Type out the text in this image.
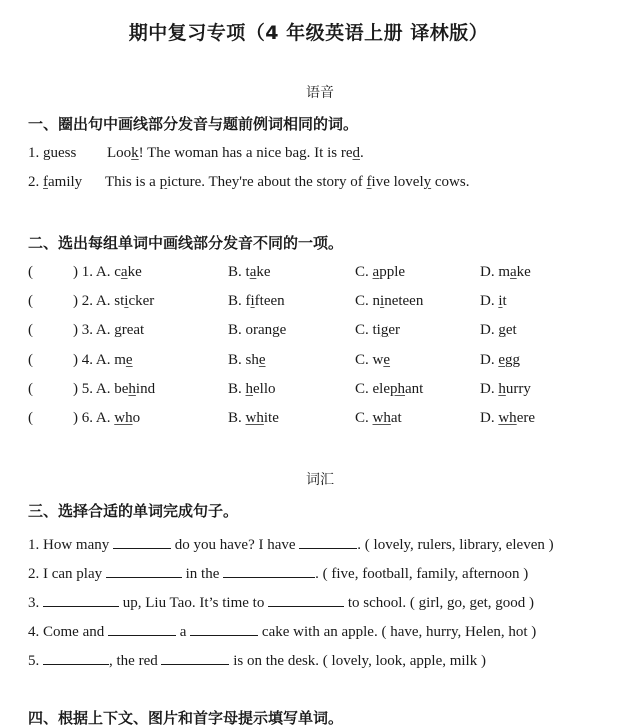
期中复习专项（4 年级英语上册 译林版）
语音
一、圈出句中画线部分发音与题前例词相同的词。
1. guess Look! The woman has a nice bag. It is red.
2. family This is a picture. They're about the story of five lovely cows.
二、选出每组单词中画线部分发音不同的一项。
(	) 1. A. cake	B. take	C. apple	D. make
(	) 2. A. sticker	B. fifteen	C. nineteen	D. it
(	) 3. A. great	B. orange	C. tiger	D. get
(	) 4. A. me	B. she	C. we	D. egg
(	) 5. A. behind	B. hello	C. elephant	D. hurry
(	) 6. A. who	B. white	C. what	D. where
词汇
三、选择合适的单词完成句子。
1. How many	do you have? I have	. ( lovely, rulers, library, eleven )
2. I can play	in the	. ( five, football, family, afternoon )
3.	up, Liu Tao. It’s time to	to school. ( girl, go, get, good )
4. Come and	a	cake with an apple. ( have, hurry, Helen, hot )
5.	, the red	is on the desk. ( lovely, look, apple, milk )
四、根据上下文、图片和首字母提示填写单词。
